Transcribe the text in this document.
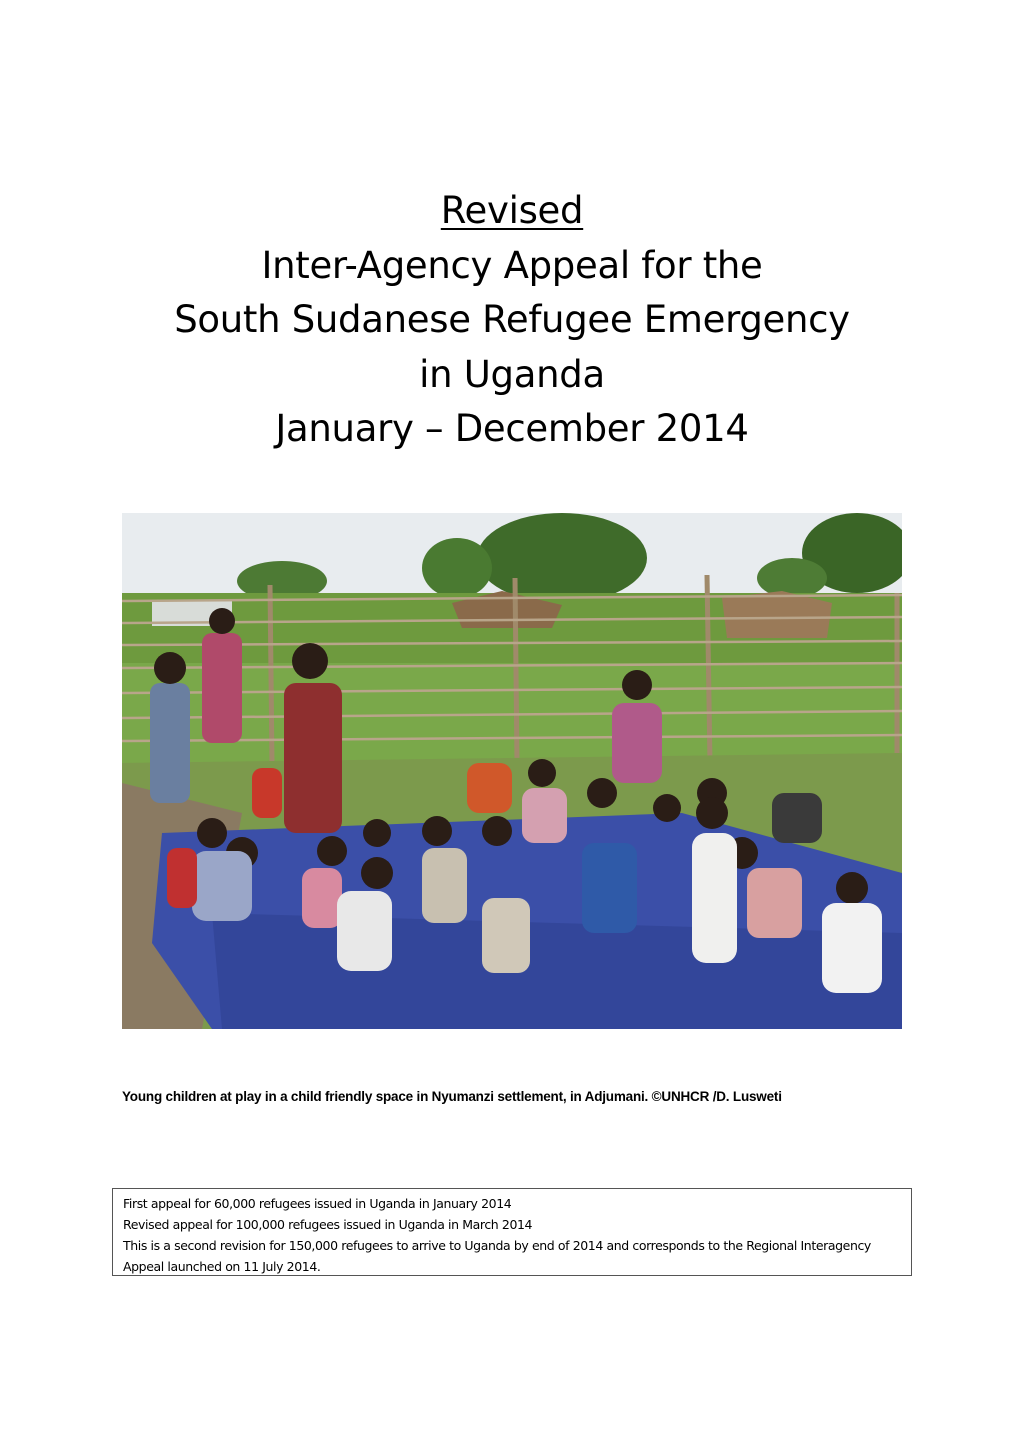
Revised
Inter-Agency Appeal for the
South Sudanese Refugee Emergency
in Uganda
January – December 2014
Young children at play in a child friendly space in Nyumanzi settlement, in Adjumani. ©UNHCR /D. Lusweti
First appeal for 60,000 refugees issued in Uganda in January 2014
Revised appeal for 100,000 refugees issued in Uganda in March 2014
This is a second revision for 150,000 refugees to arrive to Uganda by end of 2014 and corresponds to the Regional Interagency Appeal launched on 11 July 2014.
